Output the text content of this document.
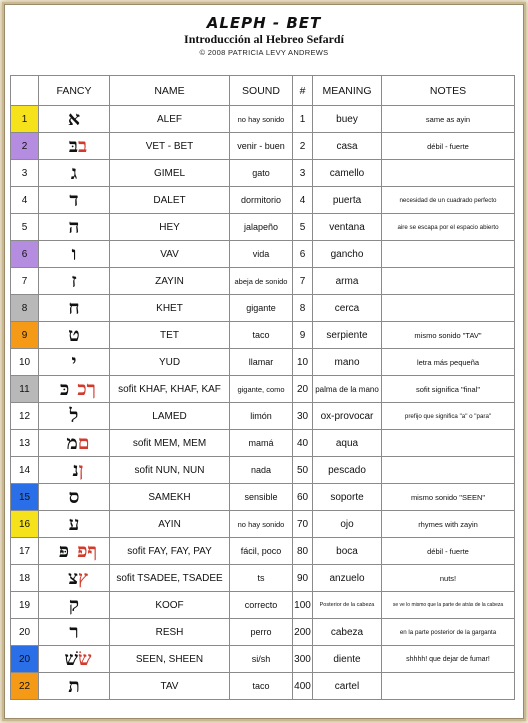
ALEPH - BET
Introducción al Hebreo Sefardí
© 2008 PATRICIA LEVY ANDREWS
	FANCY	NAME	SOUND	#	MEANING	NOTES
1	א	ALEF	no hay sonido	1	buey	same as ayin
2	בבּ	VET - BET	venir - buen	2	casa	débil - fuerte
3	ג	GIMEL	gato	3	camello	
4	ד	DALET	dormitorio	4	puerta	necesidad de un cuadrado perfecto
5	ה	HEY	jalapeño	5	ventana	aire se escapa por el espacio abierto
6	ו	VAV	vida	6	gancho	
7	ז	ZAYIN	abeja de sonido	7	arma	
8	ח	KHET	gigante	8	cerca	
9	ט	TET	taco	9	serpiente	mismo sonido "TAV"
10	י	YUD	llamar	10	mano	letra más pequeña
11	ךככּ	sofit KHAF, KHAF, KAF	gigante, como	20	palma de la mano	sofit significa "final"
12	ל	LAMED	limón	30	ox-provocar	prefijo que significa "a" o "para"
13	םמ	sofit MEM, MEM	mamá	40	aqua	
14	ןנ	sofit NUN, NUN	nada	50	pescado	
15	ס	SAMEKH	sensible	60	soporte	mismo sonido "SEEN"
16	ע	AYIN	no hay sonido	70	ojo	rhymes with zayin
17	ףפפּ	sofit FAY, FAY, PAY	fácil, poco	80	boca	débil - fuerte
18	ץצ	sofit TSADEE, TSADEE	ts	90	anzuelo	nuts!
19	ק	KOOF	correcto	100	Posterior de la cabeza	se ve lo mismo que la parte de atrás de la cabeza
20	ר	RESH	perro	200	cabeza	en la parte posterior de la garganta
20	שׂשׁ	SEEN, SHEEN	si/sh	300	diente	shhhh! que dejar de fumar!
22	ת	TAV	taco	400	cartel	
